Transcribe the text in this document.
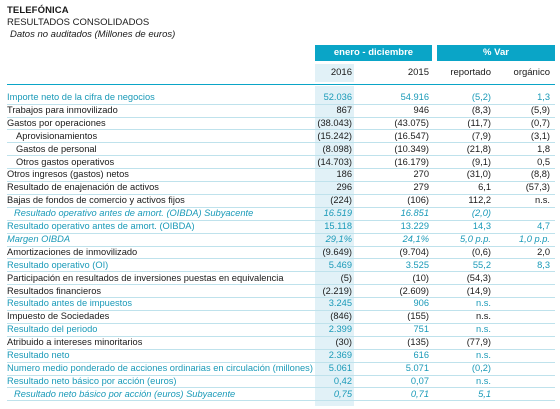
TELEFÓNICA
RESULTADOS CONSOLIDADOS
Datos no auditados (Millones de euros)
enero - diciembre	% Var
2016	2015	reportado	orgánico
Importe neto de la cifra de negocios	52.036	54.916	(5,2)	1,3
Trabajos para inmovilizado	867	946	(8,3)	(5,9)
Gastos por operaciones	(38.043)	(43.075)	(11,7)	(0,7)
Aprovisionamientos	(15.242)	(16.547)	(7,9)	(3,1)
Gastos de personal	(8.098)	(10.349)	(21,8)	1,8
Otros gastos operativos	(14.703)	(16.179)	(9,1)	0,5
Otros ingresos (gastos) netos	186	270	(31,0)	(8,8)
Resultado de enajenación de activos	296	279	6,1	(57,3)
Bajas de fondos de comercio y activos fijos	(224)	(106)	112,2	n.s.
Resultado operativo antes de amort. (OIBDA) Subyacente	16.519	16.851	(2,0)
Resultado operativo antes de amort. (OIBDA)	15.118	13.229	14,3	4,7
Margen OIBDA	29,1%	24,1%	5,0 p.p.	1,0 p.p.
Amortizaciones de inmovilizado	(9.649)	(9.704)	(0,6)	2,0
Resultado operativo (OI)	5.469	3.525	55,2	8,3
Participación en resultados de inversiones puestas en equivalencia	(5)	(10)	(54,3)
Resultados financieros	(2.219)	(2.609)	(14,9)
Resultado antes de impuestos	3.245	906	n.s.
Impuesto de Sociedades	(846)	(155)	n.s.
Resultado del periodo	2.399	751	n.s.
Atribuido a intereses minoritarios	(30)	(135)	(77,9)
Resultado neto	2.369	616	n.s.
Numero medio ponderado de acciones ordinarias en circulación (millones)	5.061	5.071	(0,2)
Resultado neto básico por acción (euros)	0,42	0,07	n.s.
Resultado neto básico por acción (euros) Subyacente	0,75	0,71	5,1
